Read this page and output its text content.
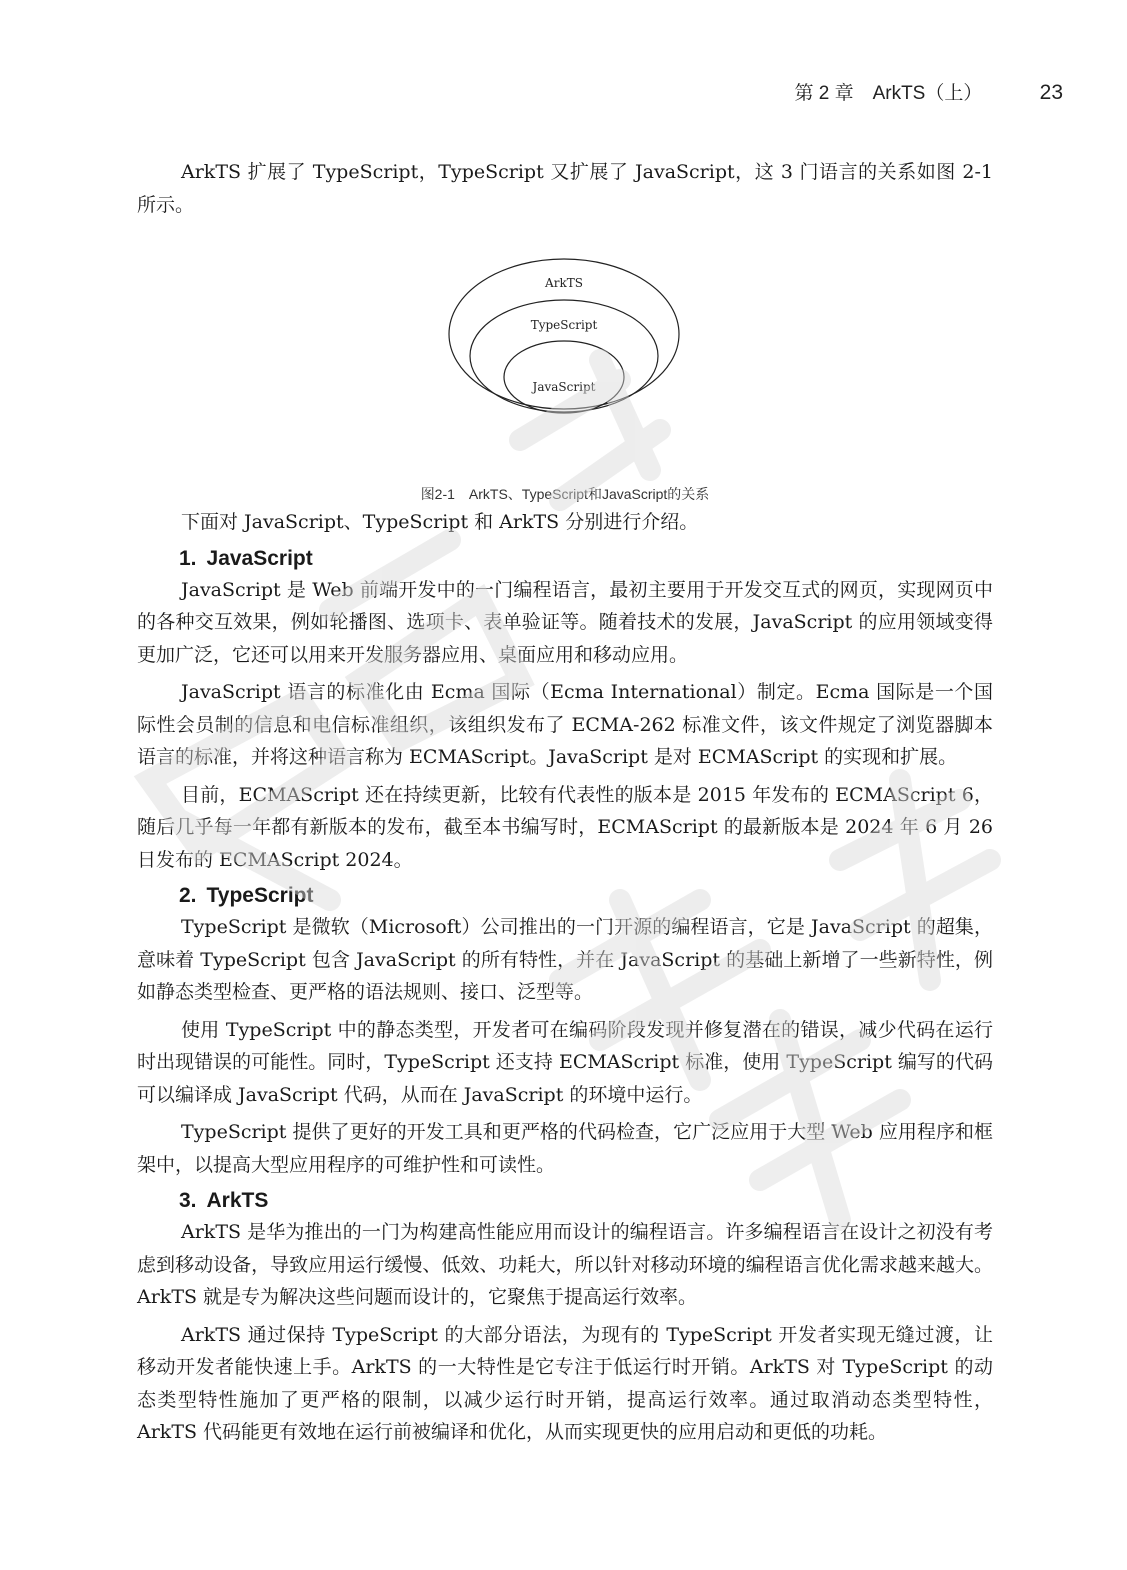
第 2 章　ArkTS（上）	23

ArkTS 扩展了 TypeScript，TypeScript 又扩展了 JavaScript，这 3 门语言的关系如图 2-1 所示。

ArkTS
TypeScript
JavaScript
图2-1 ArkTS、TypeScript和JavaScript的关系

下面对 JavaScript、TypeScript 和 ArkTS 分别进行介绍。

1. JavaScript

JavaScript 是 Web 前端开发中的一门编程语言，最初主要用于开发交互式的网页，实现网页中的各种交互效果，例如轮播图、选项卡、表单验证等。随着技术的发展，JavaScript 的应用领域变得更加广泛，它还可以用来开发服务器应用、桌面应用和移动应用。

JavaScript 语言的标准化由 Ecma 国际（Ecma International）制定。Ecma 国际是一个国际性会员制的信息和电信标准组织，该组织发布了 ECMA-262 标准文件，该文件规定了浏览器脚本语言的标准，并将这种语言称为 ECMAScript。JavaScript 是对 ECMAScript 的实现和扩展。

目前，ECMAScript 还在持续更新，比较有代表性的版本是 2015 年发布的 ECMAScript 6，随后几乎每一年都有新版本的发布，截至本书编写时，ECMAScript 的最新版本是 2024 年 6 月 26 日发布的 ECMAScript 2024。

2. TypeScript

TypeScript 是微软（Microsoft）公司推出的一门开源的编程语言，它是 JavaScript 的超集，意味着 TypeScript 包含 JavaScript 的所有特性，并在 JavaScript 的基础上新增了一些新特性，例如静态类型检查、更严格的语法规则、接口、泛型等。

使用 TypeScript 中的静态类型，开发者可在编码阶段发现并修复潜在的错误，减少代码在运行时出现错误的可能性。同时，TypeScript 还支持 ECMAScript 标准，使用 TypeScript 编写的代码可以编译成 JavaScript 代码，从而在 JavaScript 的环境中运行。

TypeScript 提供了更好的开发工具和更严格的代码检查，它广泛应用于大型 Web 应用程序和框架中，以提高大型应用程序的可维护性和可读性。

3. ArkTS

ArkTS 是华为推出的一门为构建高性能应用而设计的编程语言。许多编程语言在设计之初没有考虑到移动设备，导致应用运行缓慢、低效、功耗大，所以针对移动环境的编程语言优化需求越来越大。ArkTS 就是专为解决这些问题而设计的，它聚焦于提高运行效率。

ArkTS 通过保持 TypeScript 的大部分语法，为现有的 TypeScript 开发者实现无缝过渡，让移动开发者能快速上手。ArkTS 的一大特性是它专注于低运行时开销。ArkTS 对 TypeScript 的动态类型特性施加了更严格的限制，以减少运行时开销，提高运行效率。通过取消动态类型特性，ArkTS 代码能更有效地在运行前被编译和优化，从而实现更快的应用启动和更低的功耗。
